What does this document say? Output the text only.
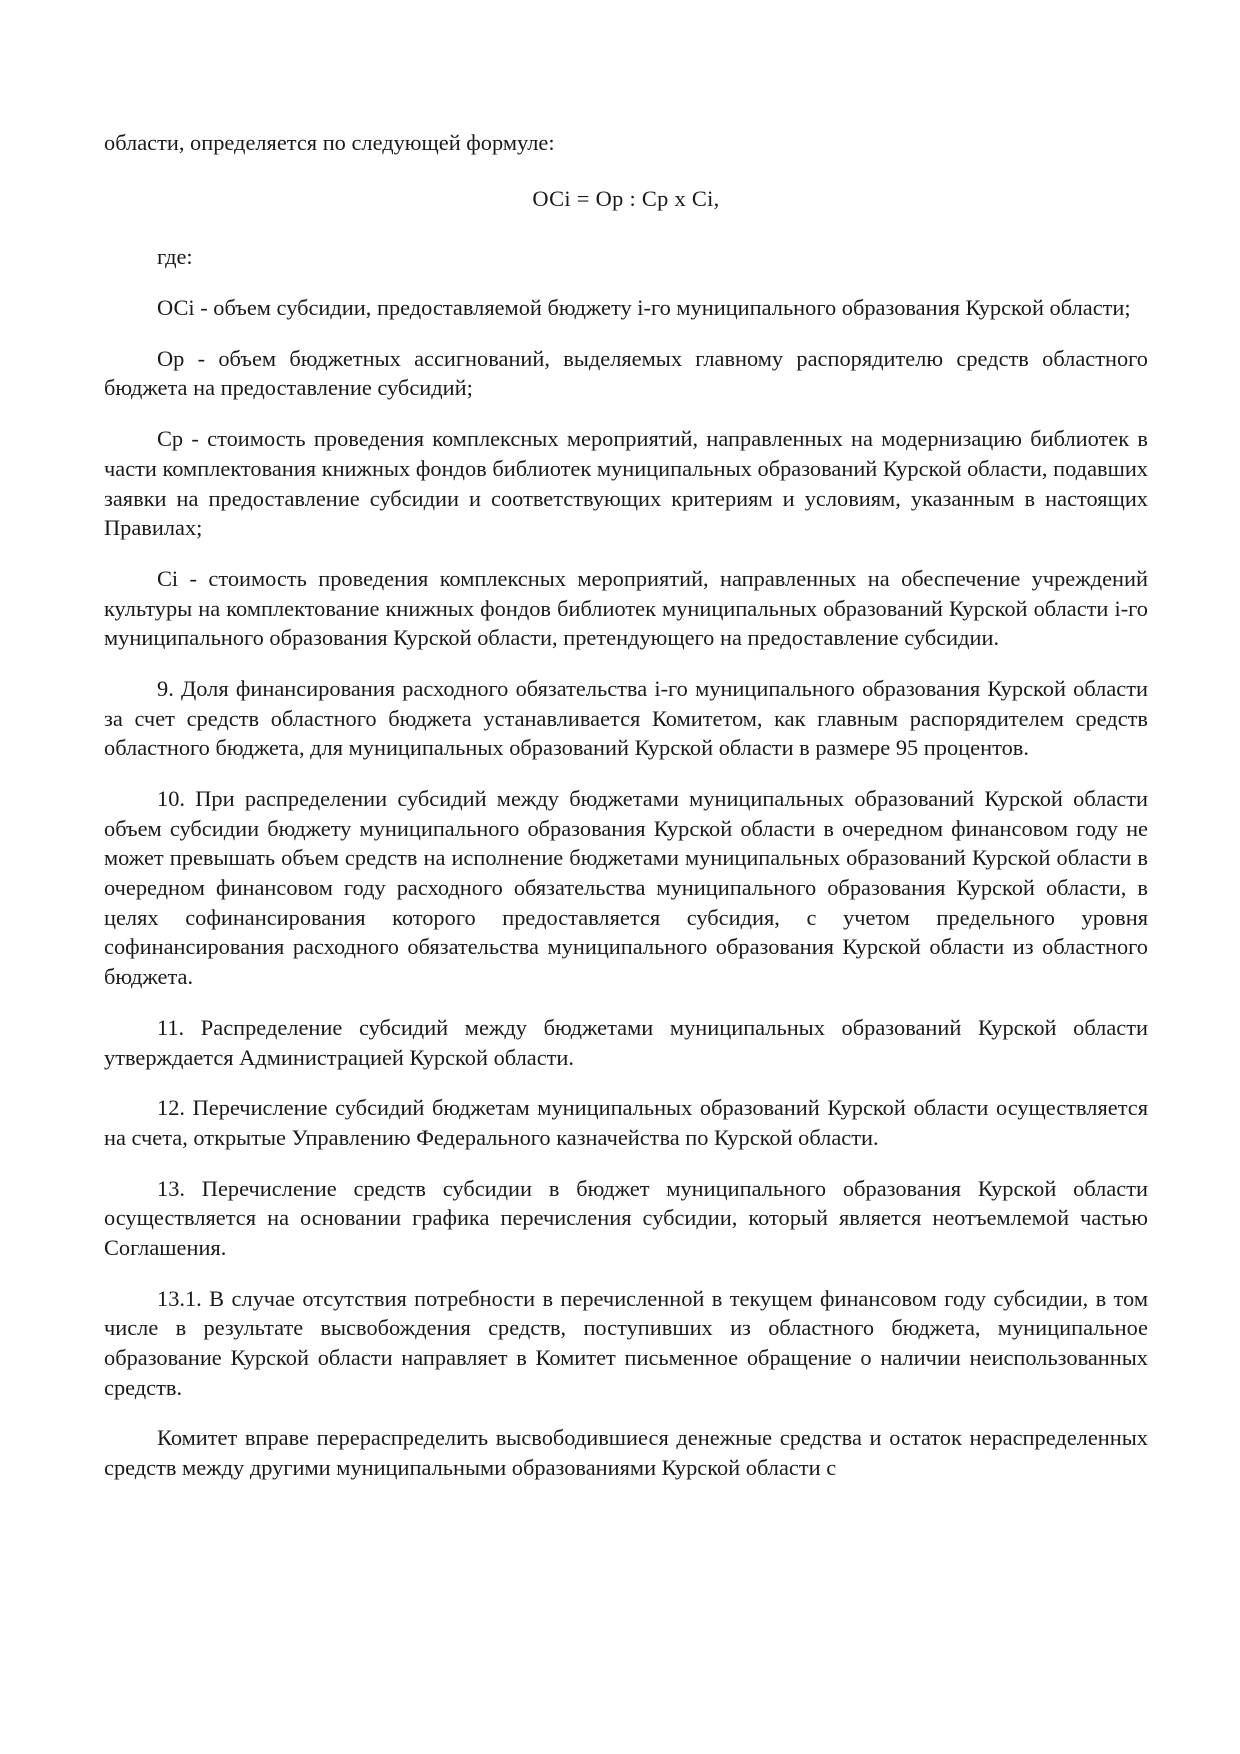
области, определяется по следующей формуле:

ОСi = Оp : Сp x Сi,

где:

ОСi - объем субсидии, предоставляемой бюджету i-го муниципального образования Курской области;

Оp - объем бюджетных ассигнований, выделяемых главному распорядителю средств областного бюджета на предоставление субсидий;

Сp - стоимость проведения комплексных мероприятий, направленных на модернизацию библиотек в части комплектования книжных фондов библиотек муниципальных образований Курской области, подавших заявки на предоставление субсидии и соответствующих критериям и условиям, указанным в настоящих Правилах;

Сi - стоимость проведения комплексных мероприятий, направленных на обеспечение учреждений культуры на комплектование книжных фондов библиотек муниципальных образований Курской области i-го муниципального образования Курской области, претендующего на предоставление субсидии.

9. Доля финансирования расходного обязательства i-го муниципального образования Курской области за счет средств областного бюджета устанавливается Комитетом, как главным распорядителем средств областного бюджета, для муниципальных образований Курской области в размере 95 процентов.

10. При распределении субсидий между бюджетами муниципальных образований Курской области объем субсидии бюджету муниципального образования Курской области в очередном финансовом году не может превышать объем средств на исполнение бюджетами муниципальных образований Курской области в очередном финансовом году расходного обязательства муниципального образования Курской области, в целях софинансирования которого предоставляется субсидия, с учетом предельного уровня софинансирования расходного обязательства муниципального образования Курской области из областного бюджета.

11. Распределение субсидий между бюджетами муниципальных образований Курской области утверждается Администрацией Курской области.

12. Перечисление субсидий бюджетам муниципальных образований Курской области осуществляется на счета, открытые Управлению Федерального казначейства по Курской области.

13. Перечисление средств субсидии в бюджет муниципального образования Курской области осуществляется на основании графика перечисления субсидии, который является неотъемлемой частью Соглашения.

13.1. В случае отсутствия потребности в перечисленной в текущем финансовом году субсидии, в том числе в результате высвобождения средств, поступивших из областного бюджета, муниципальное образование Курской области направляет в Комитет письменное обращение о наличии неиспользованных средств.

Комитет вправе перераспределить высвободившиеся денежные средства и остаток нераспределенных средств между другими муниципальными образованиями Курской области с
